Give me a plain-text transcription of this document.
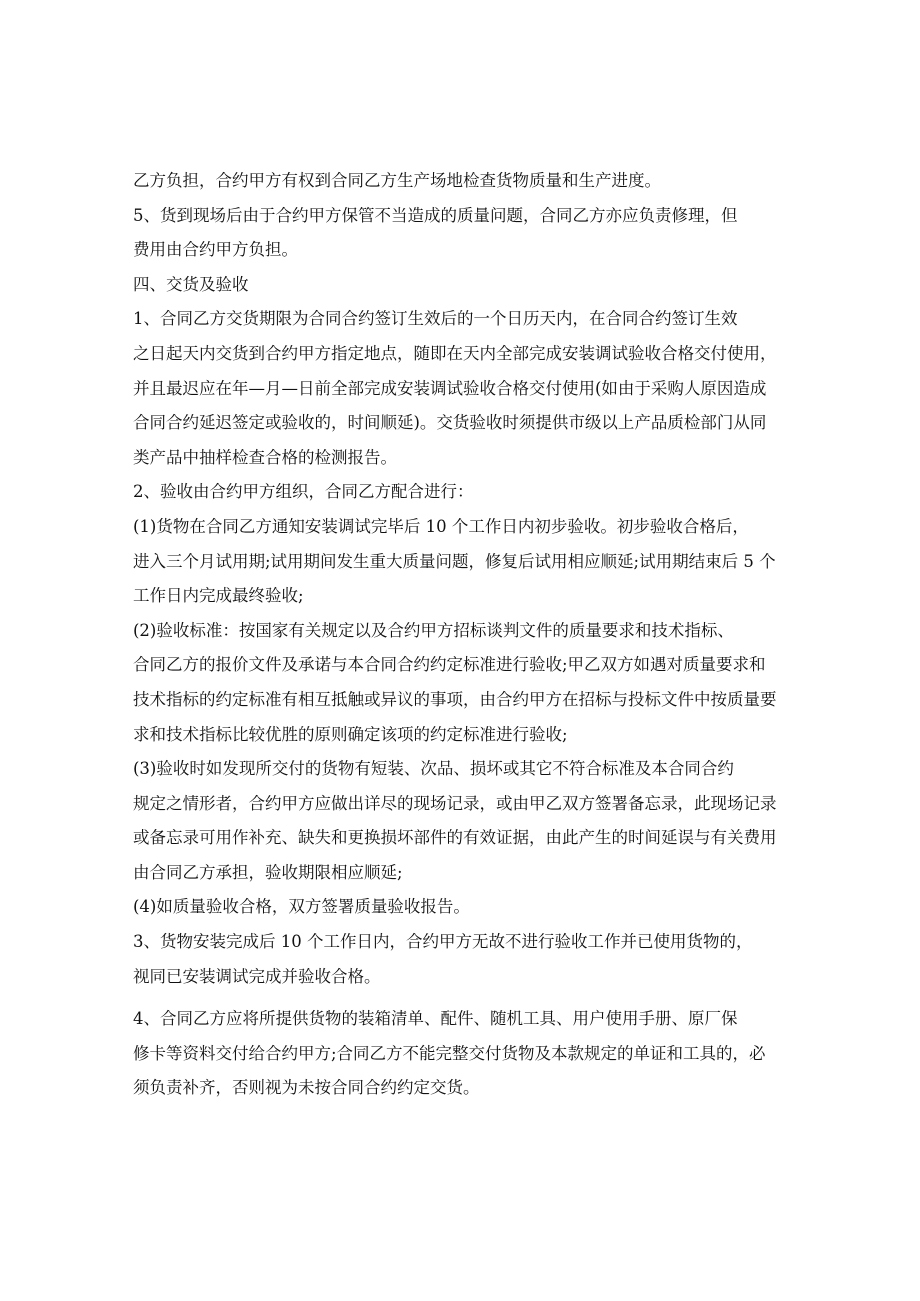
乙方负担，合约甲方有权到合同乙方生产场地检查货物质量和生产进度。

5、货到现场后由于合约甲方保管不当造成的质量问题，合同乙方亦应负责修理，但
费用由合约甲方负担。

四、交货及验收

1、合同乙方交货期限为合同合约签订生效后的一个日历天内，在合同合约签订生效
之日起天内交货到合约甲方指定地点，随即在天内全部完成安装调试验收合格交付使用，
并且最迟应在年—月—日前全部完成安装调试验收合格交付使用(如由于采购人原因造成
合同合约延迟签定或验收的，时间顺延)。交货验收时须提供市级以上产品质检部门从同
类产品中抽样检查合格的检测报告。

2、验收由合约甲方组织，合同乙方配合进行：

(1)货物在合同乙方通知安装调试完毕后 10 个工作日内初步验收。初步验收合格后，
进入三个月试用期;试用期间发生重大质量问题，修复后试用相应顺延;试用期结束后 5 个
工作日内完成最终验收;

(2)验收标准：按国家有关规定以及合约甲方招标谈判文件的质量要求和技术指标、
合同乙方的报价文件及承诺与本合同合约约定标准进行验收;甲乙双方如遇对质量要求和
技术指标的约定标准有相互抵触或异议的事项，由合约甲方在招标与投标文件中按质量要
求和技术指标比较优胜的原则确定该项的约定标准进行验收;

(3)验收时如发现所交付的货物有短装、次品、损坏或其它不符合标准及本合同合约
规定之情形者，合约甲方应做出详尽的现场记录，或由甲乙双方签署备忘录，此现场记录
或备忘录可用作补充、缺失和更换损坏部件的有效证据，由此产生的时间延误与有关费用
由合同乙方承担，验收期限相应顺延;

(4)如质量验收合格，双方签署质量验收报告。

3、货物安装完成后 10 个工作日内，合约甲方无故不进行验收工作并已使用货物的，
视同已安装调试完成并验收合格。

4、合同乙方应将所提供货物的装箱清单、配件、随机工具、用户使用手册、原厂保
修卡等资料交付给合约甲方;合同乙方不能完整交付货物及本款规定的单证和工具的，必
须负责补齐，否则视为未按合同合约约定交货。
